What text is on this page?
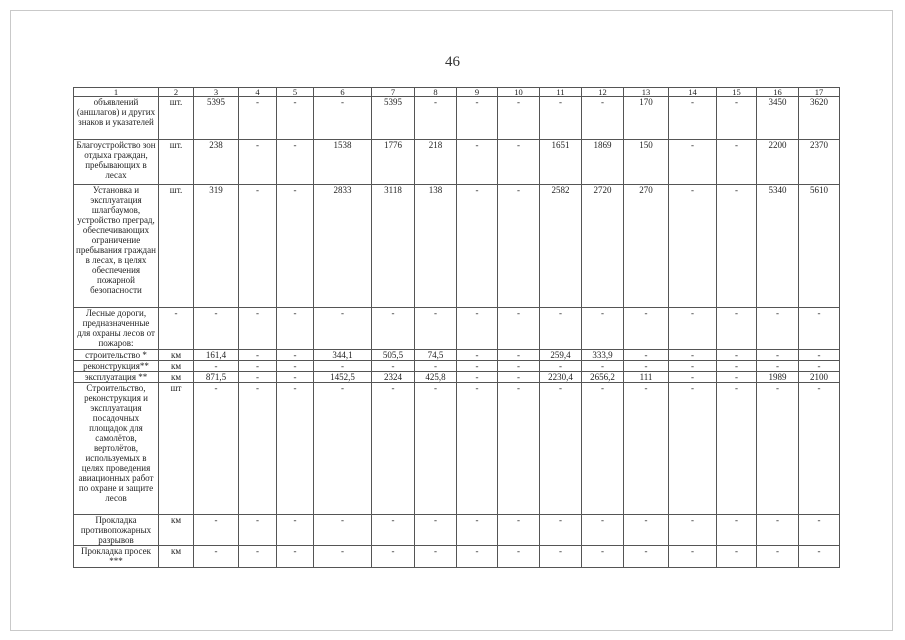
46
1	2	3	4	5	6	7	8	9	10	11	12	13	14	15	16	17
объявлений (аншлагов) и других знаков и указателей	шт.	5395	-	-	-	5395	-	-	-	-	-	170	-	-	3450	3620
Благоустройство зон отдыха граждан, пребывающих в лесах	шт.	238	-	-	1538	1776	218	-	-	1651	1869	150	-	-	2200	2370
Установка и эксплуатация шлагбаумов, устройство преград, обеспечивающих ограничение пребывания граждан в лесах, в целях обеспечения пожарной безопасности	шт.	319	-	-	2833	3118	138	-	-	2582	2720	270	-	-	5340	5610
Лесные дороги, предназначенные для охраны лесов от пожаров:	-	-	-	-	-	-	-	-	-	-	-	-	-	-	-	-
строительство *	км	161,4	-	-	344,1	505,5	74,5	-	-	259,4	333,9	-	-	-	-	-
реконструкция**	км	-	-	-	-	-	-	-	-	-	-	-	-	-	-	-
эксплуатация **	км	871,5	-	-	1452,5	2324	425,8	-	-	2230,4	2656,2	111	-	-	1989	2100
Строительство, реконструкция и эксплуатация посадочных площадок для самолётов, вертолётов, используемых в целях проведения авиационных работ по охране и защите лесов	шт	-	-	-	-	-	-	-	-	-	-	-	-	-	-	-
Прокладка противопожарных разрывов	км	-	-	-	-	-	-	-	-	-	-	-	-	-	-	-
Прокладка просек ***	км	-	-	-	-	-	-	-	-	-	-	-	-	-	-	-
